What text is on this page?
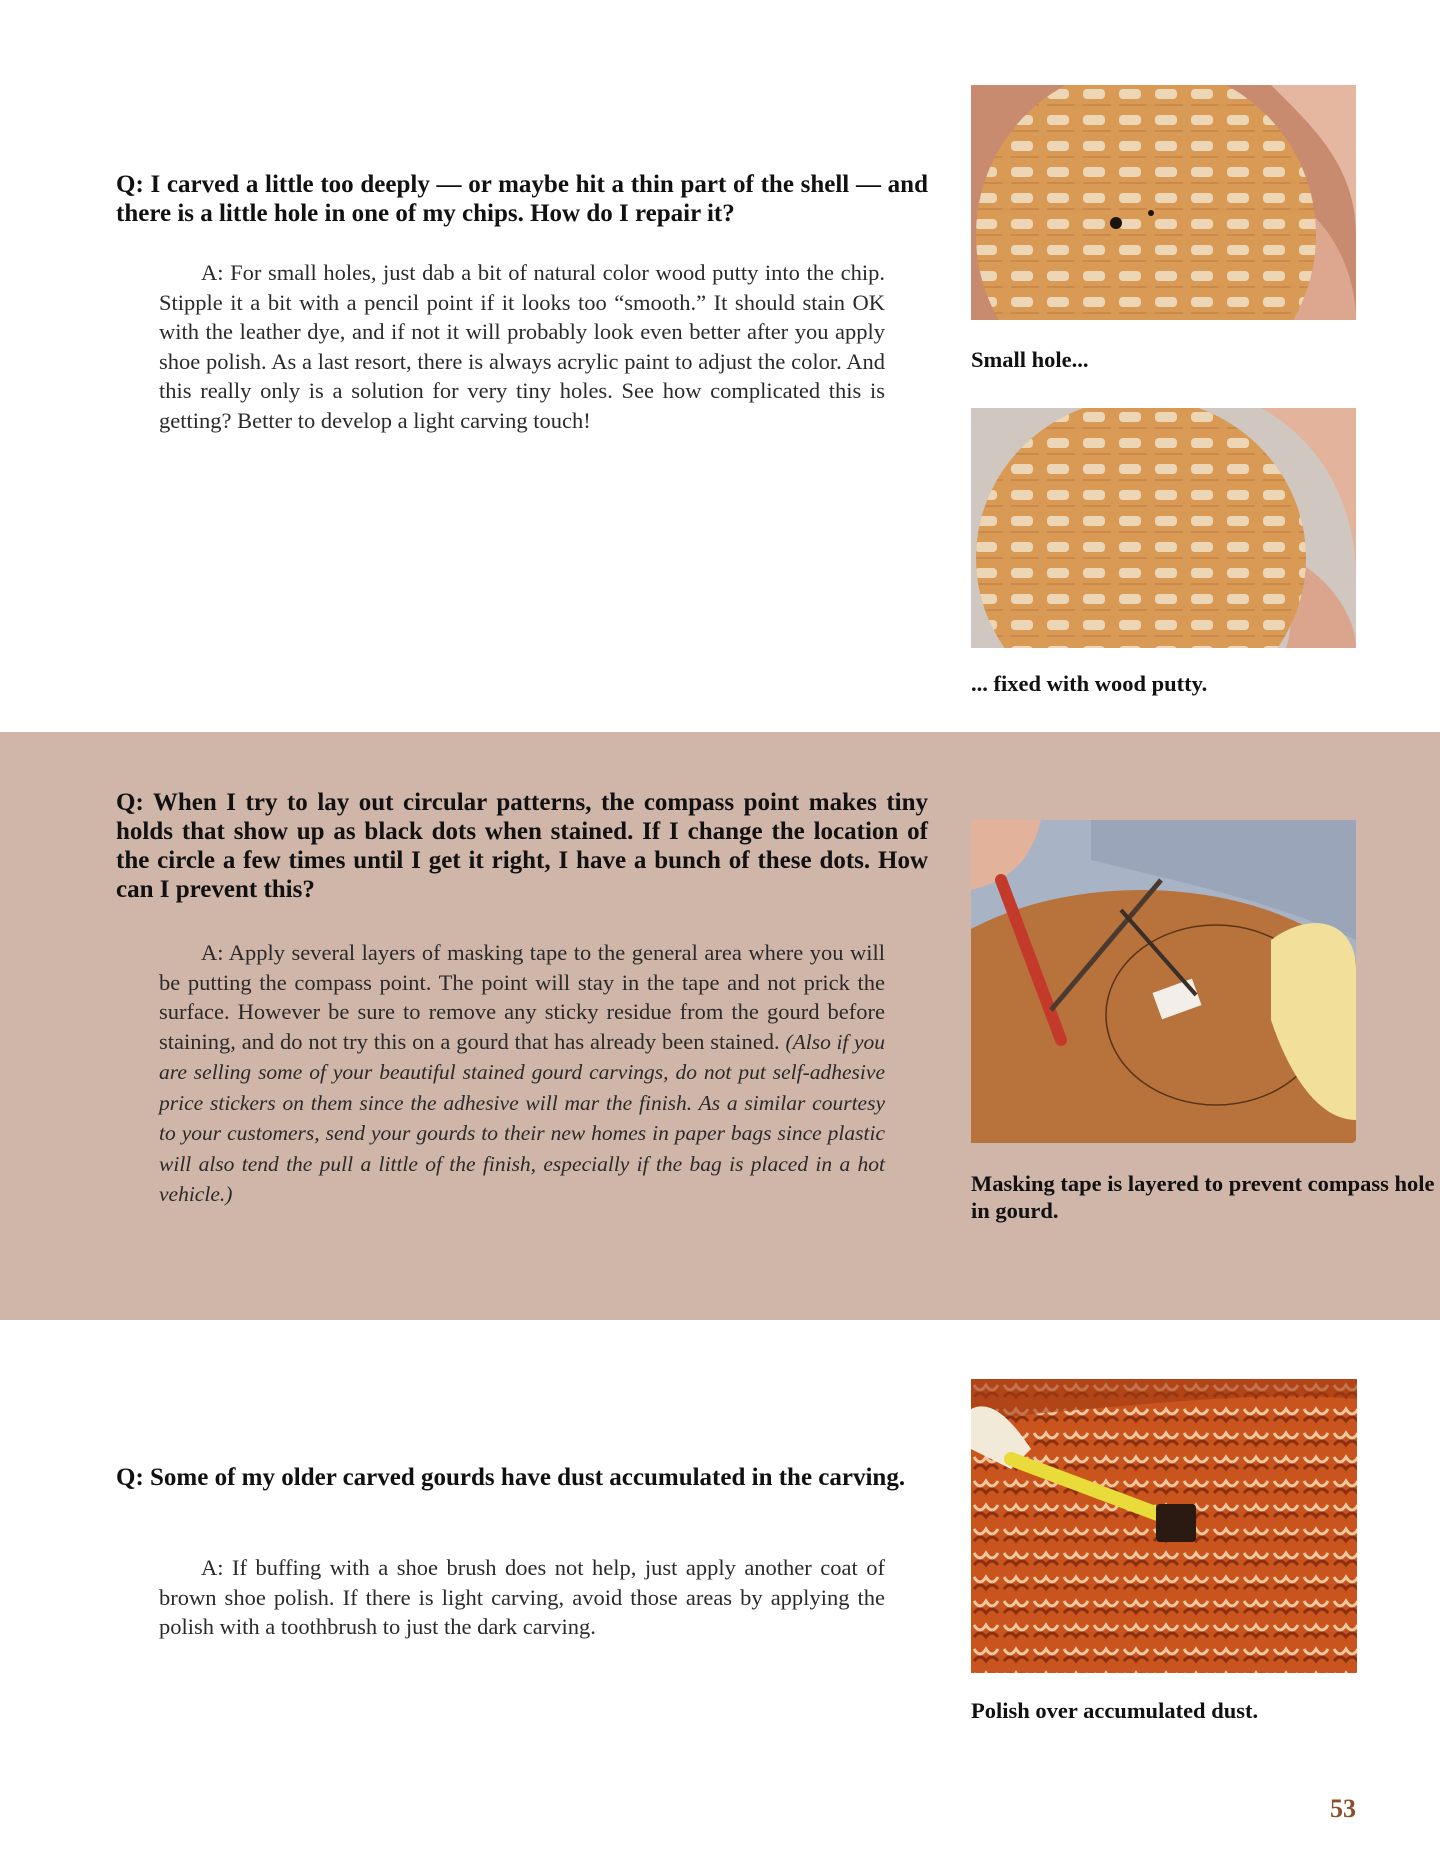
Q: I carved a little too deeply — or maybe hit a thin part of the shell — and there is a little hole in one of my chips. How do I repair it?

A: For small holes, just dab a bit of natural color wood putty into the chip. Stipple it a bit with a pencil point if it looks too “smooth.” It should stain OK with the leather dye, and if not it will probably look even better after you apply shoe polish. As a last resort, there is always acrylic paint to adjust the color. And this really only is a solution for very tiny holes. See how complicated this is getting? Better to develop a light carving touch!

Small hole...

... fixed with wood putty.

Q: When I try to lay out circular patterns, the compass point makes tiny holds that show up as black dots when stained. If I change the location of the circle a few times until I get it right, I have a bunch of these dots. How can I prevent this?

A: Apply several layers of masking tape to the general area where you will be putting the compass point. The point will stay in the tape and not prick the surface. However be sure to remove any sticky residue from the gourd before staining, and do not try this on a gourd that has already been stained. (Also if you are selling some of your beautiful stained gourd carvings, do not put self-adhesive price stickers on them since the adhesive will mar the finish. As a similar courtesy to your customers, send your gourds to their new homes in paper bags since plastic will also tend the pull a little of the finish, especially if the bag is placed in a hot vehicle.)	Masking tape is layered to prevent compass hole in gourd.

Q: Some of my older carved gourds have dust accumulated in the carving.

A: If buffing with a shoe brush does not help, just apply another coat of brown shoe polish. If there is light carving, avoid those areas by applying the polish with a toothbrush to just the dark carving.

Polish over accumulated dust.

53
